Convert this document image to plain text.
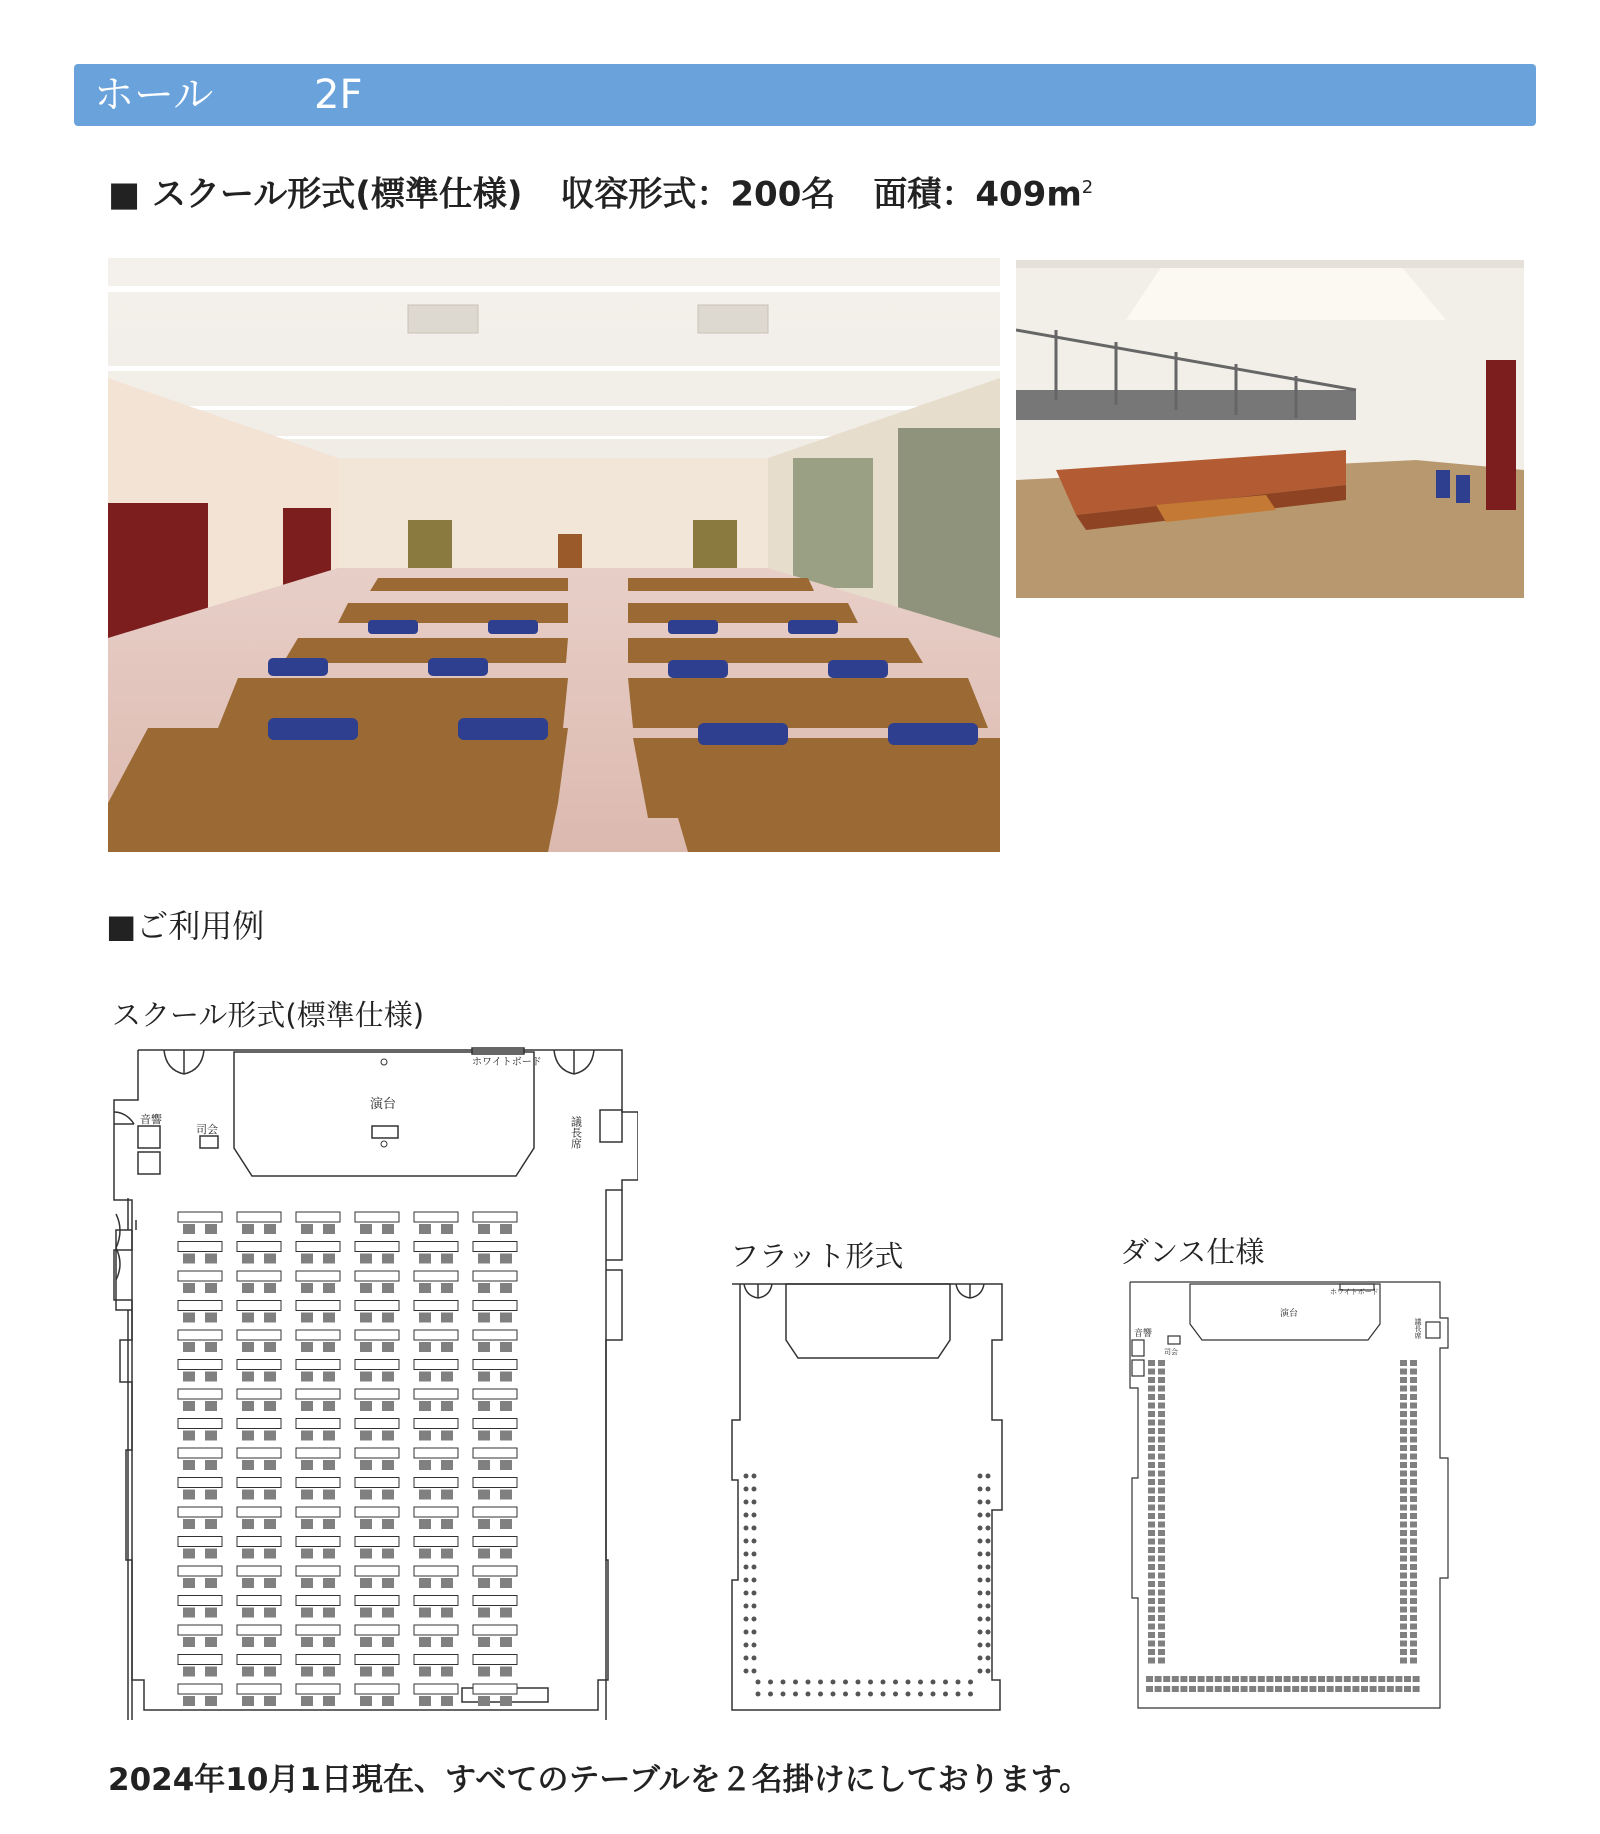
ホール	2F
■ スクール形式(標準仕様) 収容形式：200名 面積：$409m^2$
■ご利用例
スクール形式(標準仕様)
フラット形式	ダンス仕様
ホワイトボード
演台
音響
司会	議長席
ホワイトボード
演台
音響
司会
議長席
2024年10月1日現在、すべてのテーブルを２名掛けにしております。
